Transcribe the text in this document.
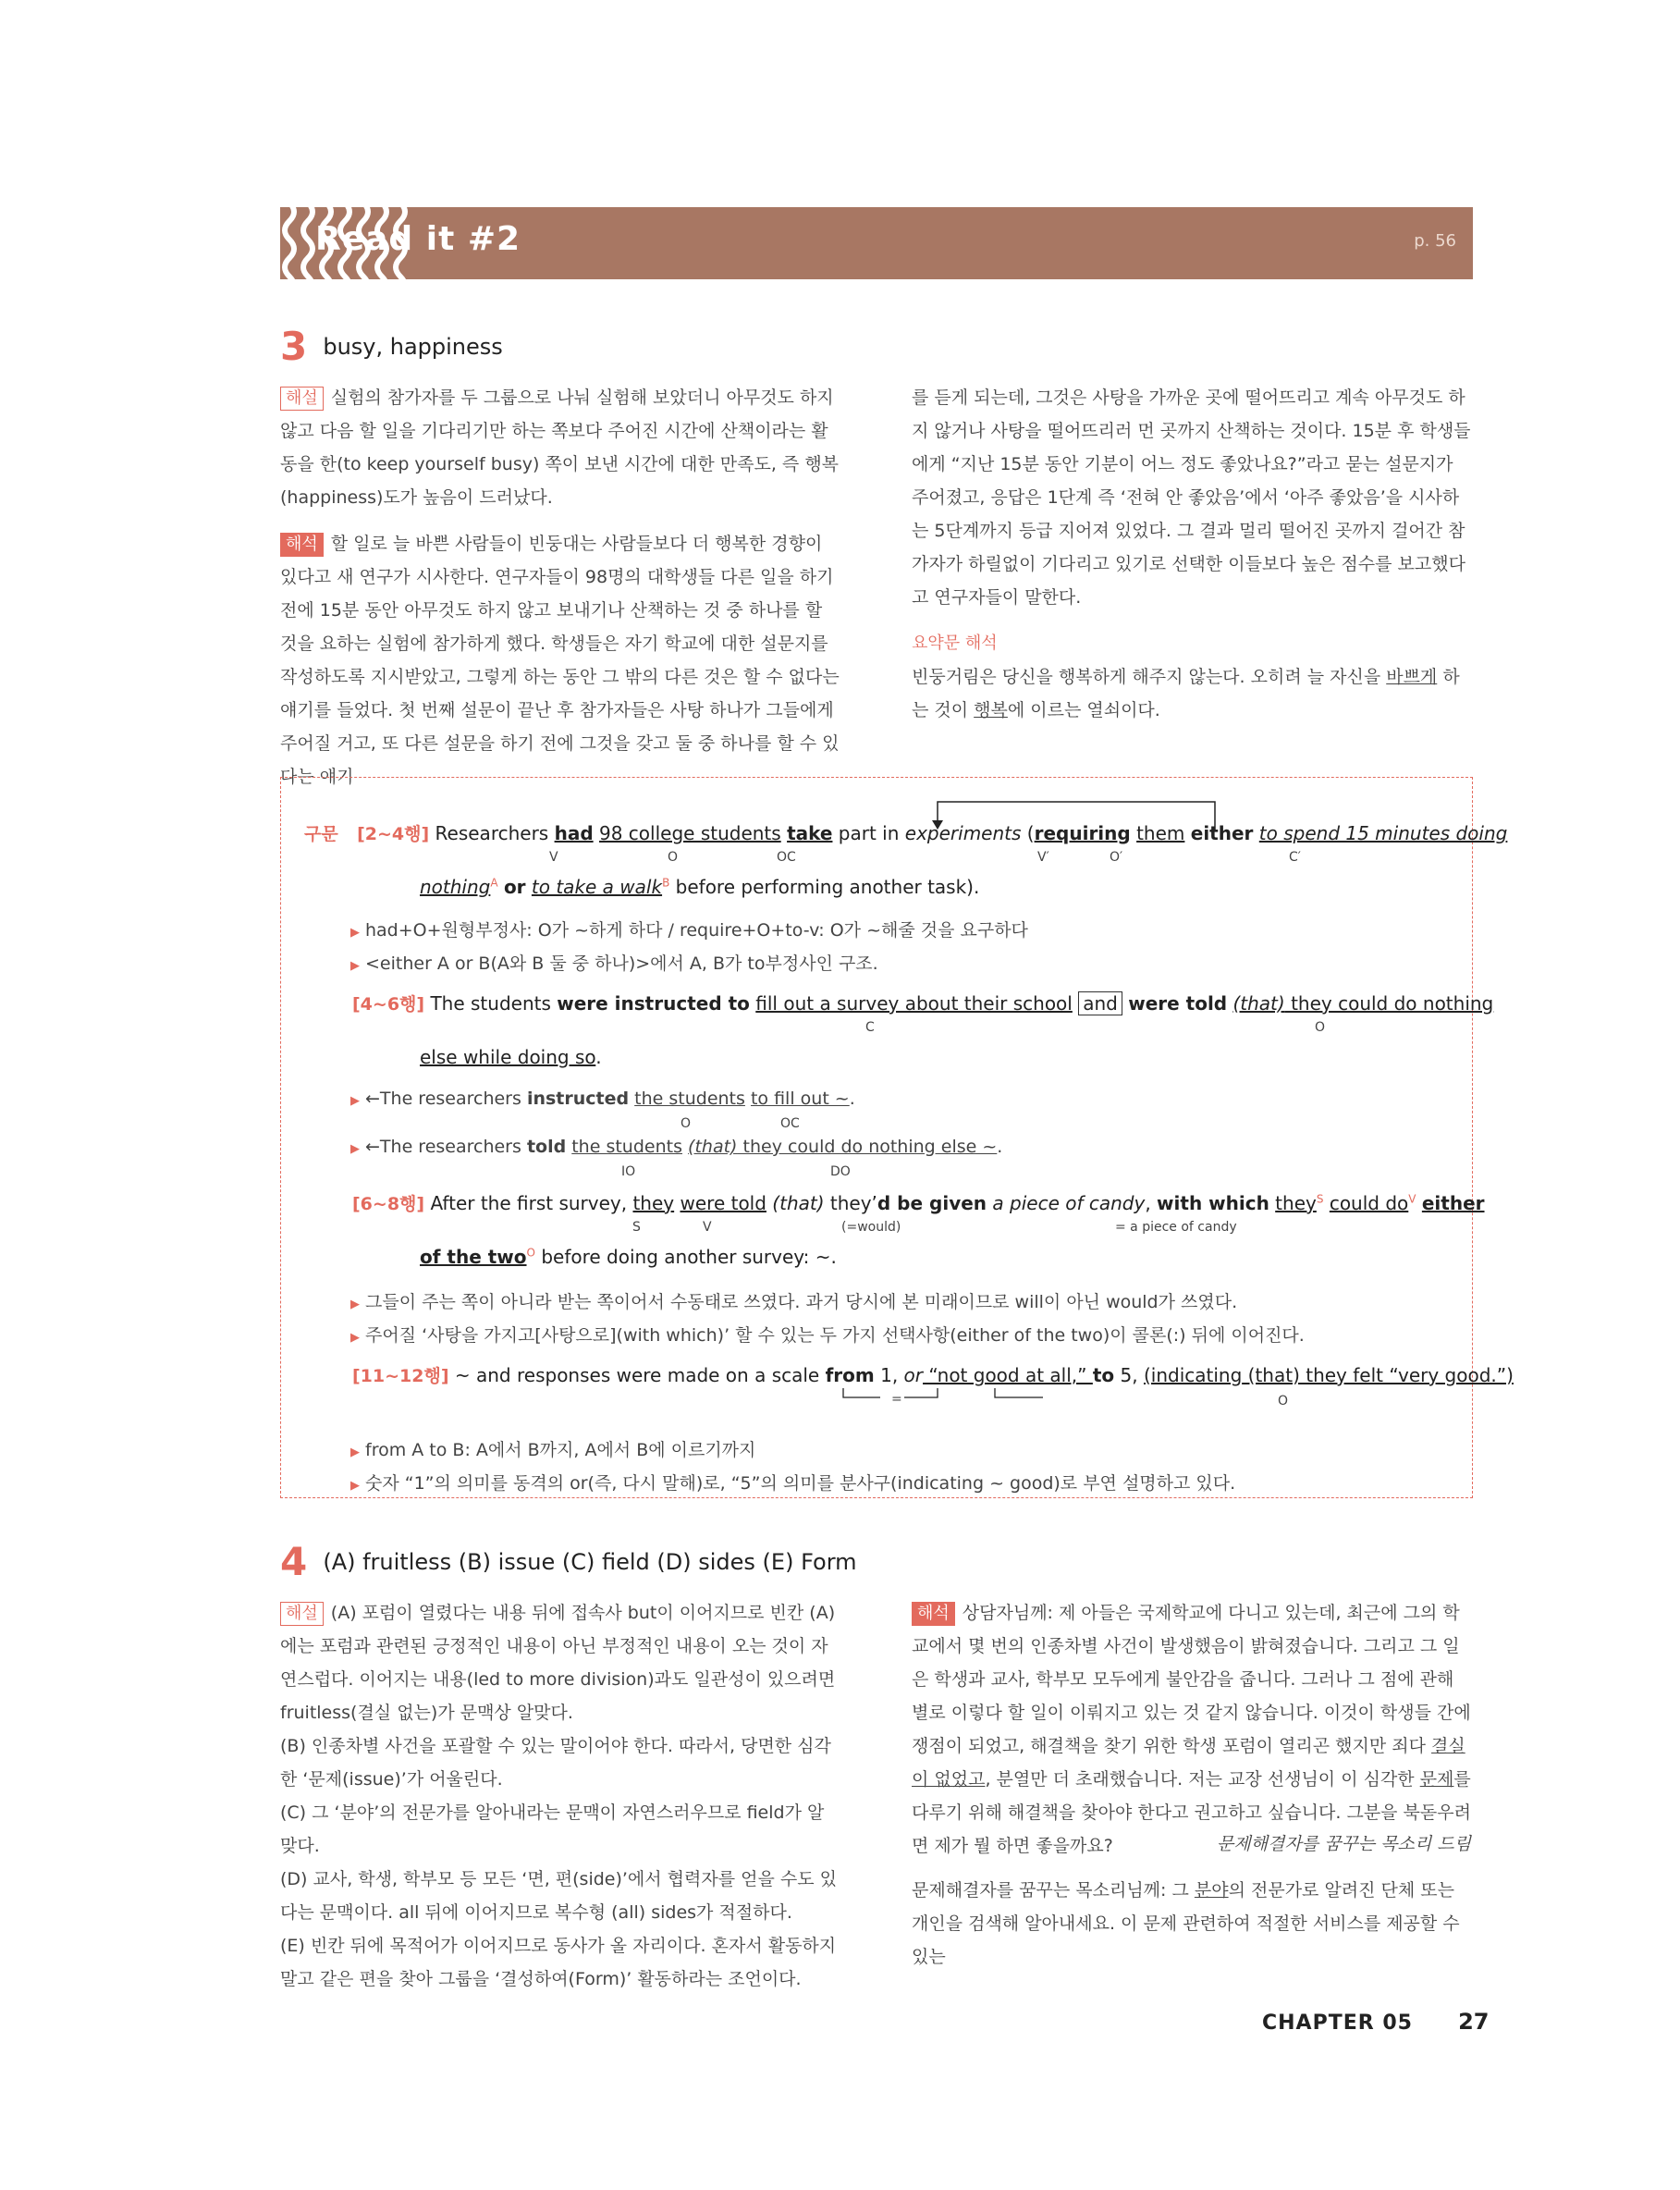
Read it #2	p. 56
3 busy, happiness

해설 실험의 참가자를 두 그룹으로 나눠 실험해 보았더니 아무것도 하지 않고 다음 할 일을 기다리기만 하는 쪽보다 주어진 시간에 산책이라는 활동을 한(to keep yourself busy) 쪽이 보낸 시간에 대한 만족도, 즉 행복(happiness)도가 높음이 드러났다.

해석 할 일로 늘 바쁜 사람들이 빈둥대는 사람들보다 더 행복한 경향이 있다고 새 연구가 시사한다. 연구자들이 98명의 대학생들 다른 일을 하기 전에 15분 동안 아무것도 하지 않고 보내기나 산책하는 것 중 하나를 할 것을 요하는 실험에 참가하게 했다. 학생들은 자기 학교에 대한 설문지를 작성하도록 지시받았고, 그렇게 하는 동안 그 밖의 다른 것은 할 수 없다는 얘기를 들었다. 첫 번째 설문이 끝난 후 참가자들은 사탕 하나가 그들에게 주어질 거고, 또 다른 설문을 하기 전에 그것을 갖고 둘 중 하나를 할 수 있다는 얘기

를 듣게 되는데, 그것은 사탕을 가까운 곳에 떨어뜨리고 계속 아무것도 하지 않거나 사탕을 떨어뜨리러 먼 곳까지 산책하는 것이다. 15분 후 학생들에게 “지난 15분 동안 기분이 어느 정도 좋았나요?”라고 묻는 설문지가 주어졌고, 응답은 1단계 즉 ‘전혀 안 좋았음’에서 ‘아주 좋았음’을 시사하는 5단계까지 등급 지어져 있었다. 그 결과 멀리 떨어진 곳까지 걸어간 참가자가 하릴없이 기다리고 있기로 선택한 이들보다 높은 점수를 보고했다고 연구자들이 말한다.

요약문 해석

빈둥거림은 당신을 행복하게 해주지 않는다. 오히려 늘 자신을 바쁘게 하는 것이 행복에 이르는 열쇠이다.

구문 [2~4행] Researchers had 98 college students take part in experiments (requiring them either to spend 15 minutes doing
V	O	OC	V′	O′	C′
nothing$^A$ or to take a walk$^B$ before performing another task).
▶ had+O+원형부정사: O가 ~하게 하다 / require+O+to-v: O가 ~해줄 것을 요구하다
▶ <either A or B(A와 B 둘 중 하나)>에서 A, B가 to부정사인 구조.
[4~6행] The students were instructed to fill out a survey about their school and were told (that) they could do nothing
C	O
else while doing so.
▶ ←The researchers instructed the students to fill out ~.
O	OC
▶ ←The researchers told the students (that) they could do nothing else ~.
IO	DO
[6~8행] After the first survey, they were told (that) they’d be given a piece of candy, with which they$^S$ could $do^V$ either
S	V	(=would)	= a piece of candy
of the two$^O$ before doing another survey: ~.
▶ 그들이 주는 쪽이 아니라 받는 쪽이어서 수동태로 쓰였다. 과거 당시에 본 미래이므로 will이 아닌 would가 쓰였다.
▶ 주어질 ‘사탕을 가지고[사탕으로](with which)’ 할 수 있는 두 가지 선택사항(either of the two)이 콜론(:) 뒤에 이어진다.
[11~12행] ~ and responses were made on a scale from 1, or “not good at all,” to 5, (indicating (that) they felt “very good.”)
=	O
▶ from A to B: A에서 B까지, A에서 B에 이르기까지
▶ 숫자 “1”의 의미를 동격의 or(즉, 다시 말해)로, “5”의 의미를 분사구(indicating ~ good)로 부연 설명하고 있다.
4 (A) fruitless (B) issue (C) field (D) sides (E) Form
해설 (A) 포럼이 열렸다는 내용 뒤에 접속사 but이 이어지므로 빈칸 (A)에는 포럼과 관련된 긍정적인 내용이 아닌 부정적인 내용이 오는 것이 자연스럽다. 이어지는 내용(led to more division)과도 일관성이 있으려면 fruitless(결실 없는)가 문맥상 알맞다.
(B) 인종차별 사건을 포괄할 수 있는 말이어야 한다. 따라서, 당면한 심각한 ‘문제(issue)’가 어울린다.
(C) 그 ‘분야’의 전문가를 알아내라는 문맥이 자연스러우므로 field가 알맞다.
(D) 교사, 학생, 학부모 등 모든 ‘면, 편(side)’에서 협력자를 얻을 수도 있다는 문맥이다. all 뒤에 이어지므로 복수형 (all) sides가 적절하다.
(E) 빈칸 뒤에 목적어가 이어지므로 동사가 올 자리이다. 혼자서 활동하지 말고 같은 편을 찾아 그룹을 ‘결성하여(Form)’ 활동하라는 조언이다.

해석 상담자님께: 제 아들은 국제학교에 다니고 있는데, 최근에 그의 학교에서 몇 번의 인종차별 사건이 발생했음이 밝혀졌습니다. 그리고 그 일은 학생과 교사, 학부모 모두에게 불안감을 줍니다. 그러나 그 점에 관해 별로 이렇다 할 일이 이뤄지고 있는 것 같지 않습니다. 이것이 학생들 간에 쟁점이 되었고, 해결책을 찾기 위한 학생 포럼이 열리곤 했지만 죄다 결실이 없었고, 분열만 더 초래했습니다. 저는 교장 선생님이 이 심각한 문제를 다루기 위해 해결책을 찾아야 한다고 권고하고 싶습니다. 그분을 북돋우려면 제가 뭘 하면 좋을까요?	문제해결자를 꿈꾸는 목소리 드림

문제해결자를 꿈꾸는 목소리님께: 그 분야의 전문가로 알려진 단체 또는 개인을 검색해 알아내세요. 이 문제 관련하여 적절한 서비스를 제공할 수 있는

CHAPTER 05 27
